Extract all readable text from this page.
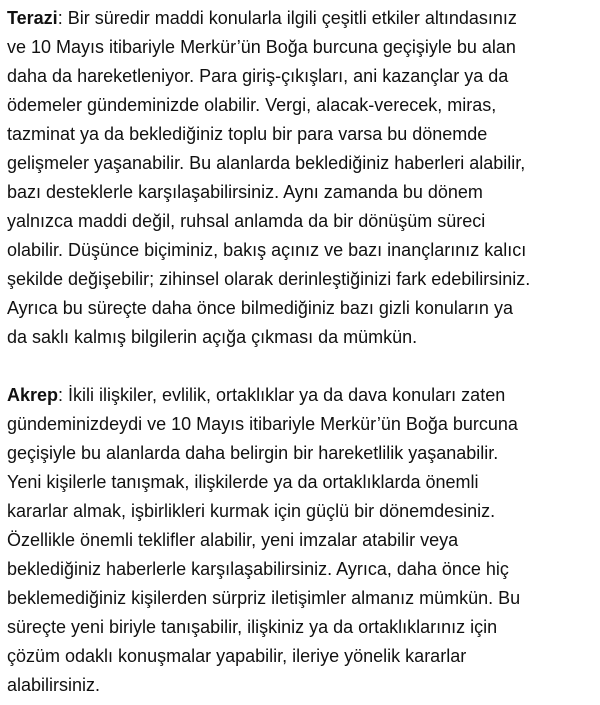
Terazi: Bir süredir maddi konularla ilgili çeşitli etkiler altındasınız
ve 10 Mayıs itibariyle Merkür’ün Boğa burcuna geçişiyle bu alan
daha da hareketleniyor. Para giriş-çıkışları, ani kazançlar ya da
ödemeler gündeminizde olabilir. Vergi, alacak-verecek, miras,
tazminat ya da beklediğiniz toplu bir para varsa bu dönemde
gelişmeler yaşanabilir. Bu alanlarda beklediğiniz haberleri alabilir,
bazı desteklerle karşılaşabilirsiniz. Aynı zamanda bu dönem
yalnızca maddi değil, ruhsal anlamda da bir dönüşüm süreci
olabilir. Düşünce biçiminiz, bakış açınız ve bazı inançlarınız kalıcı
şekilde değişebilir; zihinsel olarak derinleştiğinizi fark edebilirsiniz.
Ayrıca bu süreçte daha önce bilmediğiniz bazı gizli konuların ya
da saklı kalmış bilgilerin açığa çıkması da mümkün.
Akrep: İkili ilişkiler, evlilik, ortaklıklar ya da dava konuları zaten
gündeminizdeydi ve 10 Mayıs itibariyle Merkür’ün Boğa burcuna
geçişiyle bu alanlarda daha belirgin bir hareketlilik yaşanabilir.
Yeni kişilerle tanışmak, ilişkilerde ya da ortaklıklarda önemli
kararlar almak, işbirlikleri kurmak için güçlü bir dönemdesiniz.
Özellikle önemli teklifler alabilir, yeni imzalar atabilir veya
beklediğiniz haberlerle karşılaşabilirsiniz. Ayrıca, daha önce hiç
beklemediğiniz kişilerden sürpriz iletişimler almanız mümkün. Bu
süreçte yeni biriyle tanışabilir, ilişkiniz ya da ortaklıklarınız için
çözüm odaklı konuşmalar yapabilir, ileriye yönelik kararlar
alabilirsiniz.
